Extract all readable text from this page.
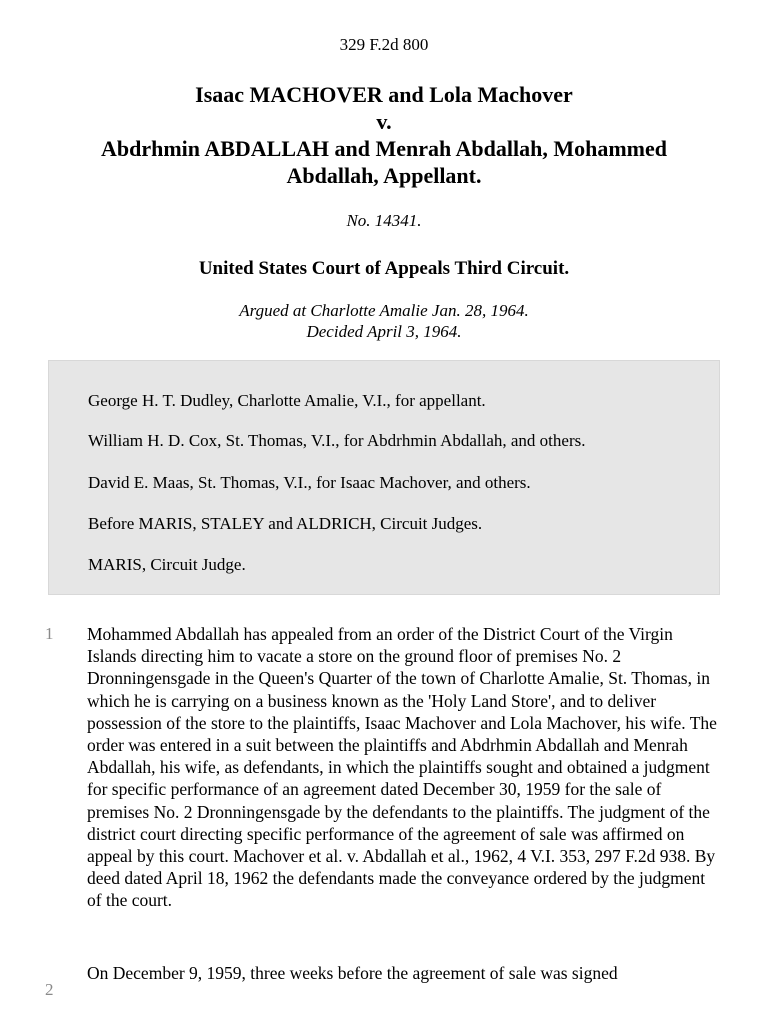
329 F.2d 800
Isaac MACHOVER and Lola Machover
v.
Abdrhmin ABDALLAH and Menrah Abdallah, Mohammed Abdallah, Appellant.
No. 14341.
United States Court of Appeals Third Circuit.
Argued at Charlotte Amalie Jan. 28, 1964.
Decided April 3, 1964.

George H. T. Dudley, Charlotte Amalie, V.I., for appellant.

William H. D. Cox, St. Thomas, V.I., for Abdrhmin Abdallah, and others.

David E. Maas, St. Thomas, V.I., for Isaac Machover, and others.

Before MARIS, STALEY and ALDRICH, Circuit Judges.

MARIS, Circuit Judge.

1 Mohammed Abdallah has appealed from an order of the District Court of the Virgin Islands directing him to vacate a store on the ground floor of premises No. 2 Dronningensgade in the Queen's Quarter of the town of Charlotte Amalie, St. Thomas, in which he is carrying on a business known as the 'Holy Land Store', and to deliver possession of the store to the plaintiffs, Isaac Machover and Lola Machover, his wife. The order was entered in a suit between the plaintiffs and Abdrhmin Abdallah and Menrah Abdallah, his wife, as defendants, in which the plaintiffs sought and obtained a judgment for specific performance of an agreement dated December 30, 1959 for the sale of premises No. 2 Dronningensgade by the defendants to the plaintiffs. The judgment of the district court directing specific performance of the agreement of sale was affirmed on appeal by this court. Machover et al. v. Abdallah et al., 1962, 4 V.I. 353, 297 F.2d 938. By deed dated April 18, 1962 the defendants made the conveyance ordered by the judgment of the court.
2
On December 9, 1959, three weeks before the agreement of sale was signed
